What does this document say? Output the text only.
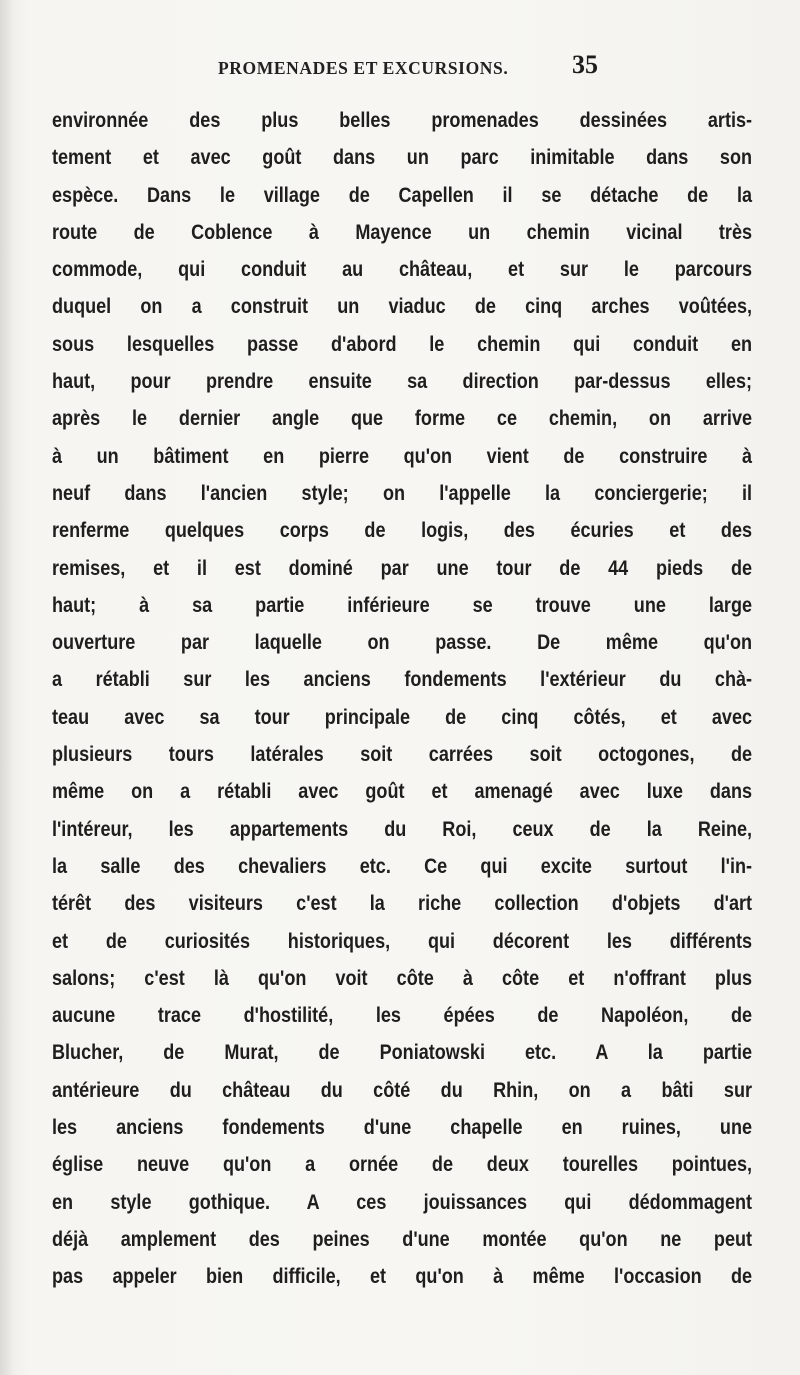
PROMENADES ET EXCURSIONS. 35
environnée des plus belles promenades dessinées artis-
tement et avec goût dans un parc inimitable dans son
espèce. Dans le village de Capellen il se détache de la
route de Coblence à Mayence un chemin vicinal très
commode, qui conduit au château, et sur le parcours
duquel on a construit un viaduc de cinq arches voûtées,
sous lesquelles passe d'abord le chemin qui conduit en
haut, pour prendre ensuite sa direction par-dessus elles;
après le dernier angle que forme ce chemin, on arrive
à un bâtiment en pierre qu'on vient de construire à
neuf dans l'ancien style; on l'appelle la conciergerie; il
renferme quelques corps de logis, des écuries et des
remises, et il est dominé par une tour de 44 pieds de
haut; à sa partie inférieure se trouve une large
ouverture par laquelle on passe. De même qu'on
a rétabli sur les anciens fondements l'extérieur du chà-
teau avec sa tour principale de cinq côtés, et avec
plusieurs tours latérales soit carrées soit octogones, de
même on a rétabli avec goût et amenagé avec luxe dans
l'intéreur, les appartements du Roi, ceux de la Reine,
la salle des chevaliers etc. Ce qui excite surtout l'in-
térêt des visiteurs c'est la riche collection d'objets d'art
et de curiosités historiques, qui décorent les différents
salons; c'est là qu'on voit côte à côte et n'offrant plus
aucune trace d'hostilité, les épées de Napoléon, de
Blucher, de Murat, de Poniatowski etc. A la partie
antérieure du château du côté du Rhin, on a bâti sur
les anciens fondements d'une chapelle en ruines, une
église neuve qu'on a ornée de deux tourelles pointues,
en style gothique. A ces jouissances qui dédommagent
déjà amplement des peines d'une montée qu'on ne peut
pas appeler bien difficile, et qu'on à même l'occasion de
